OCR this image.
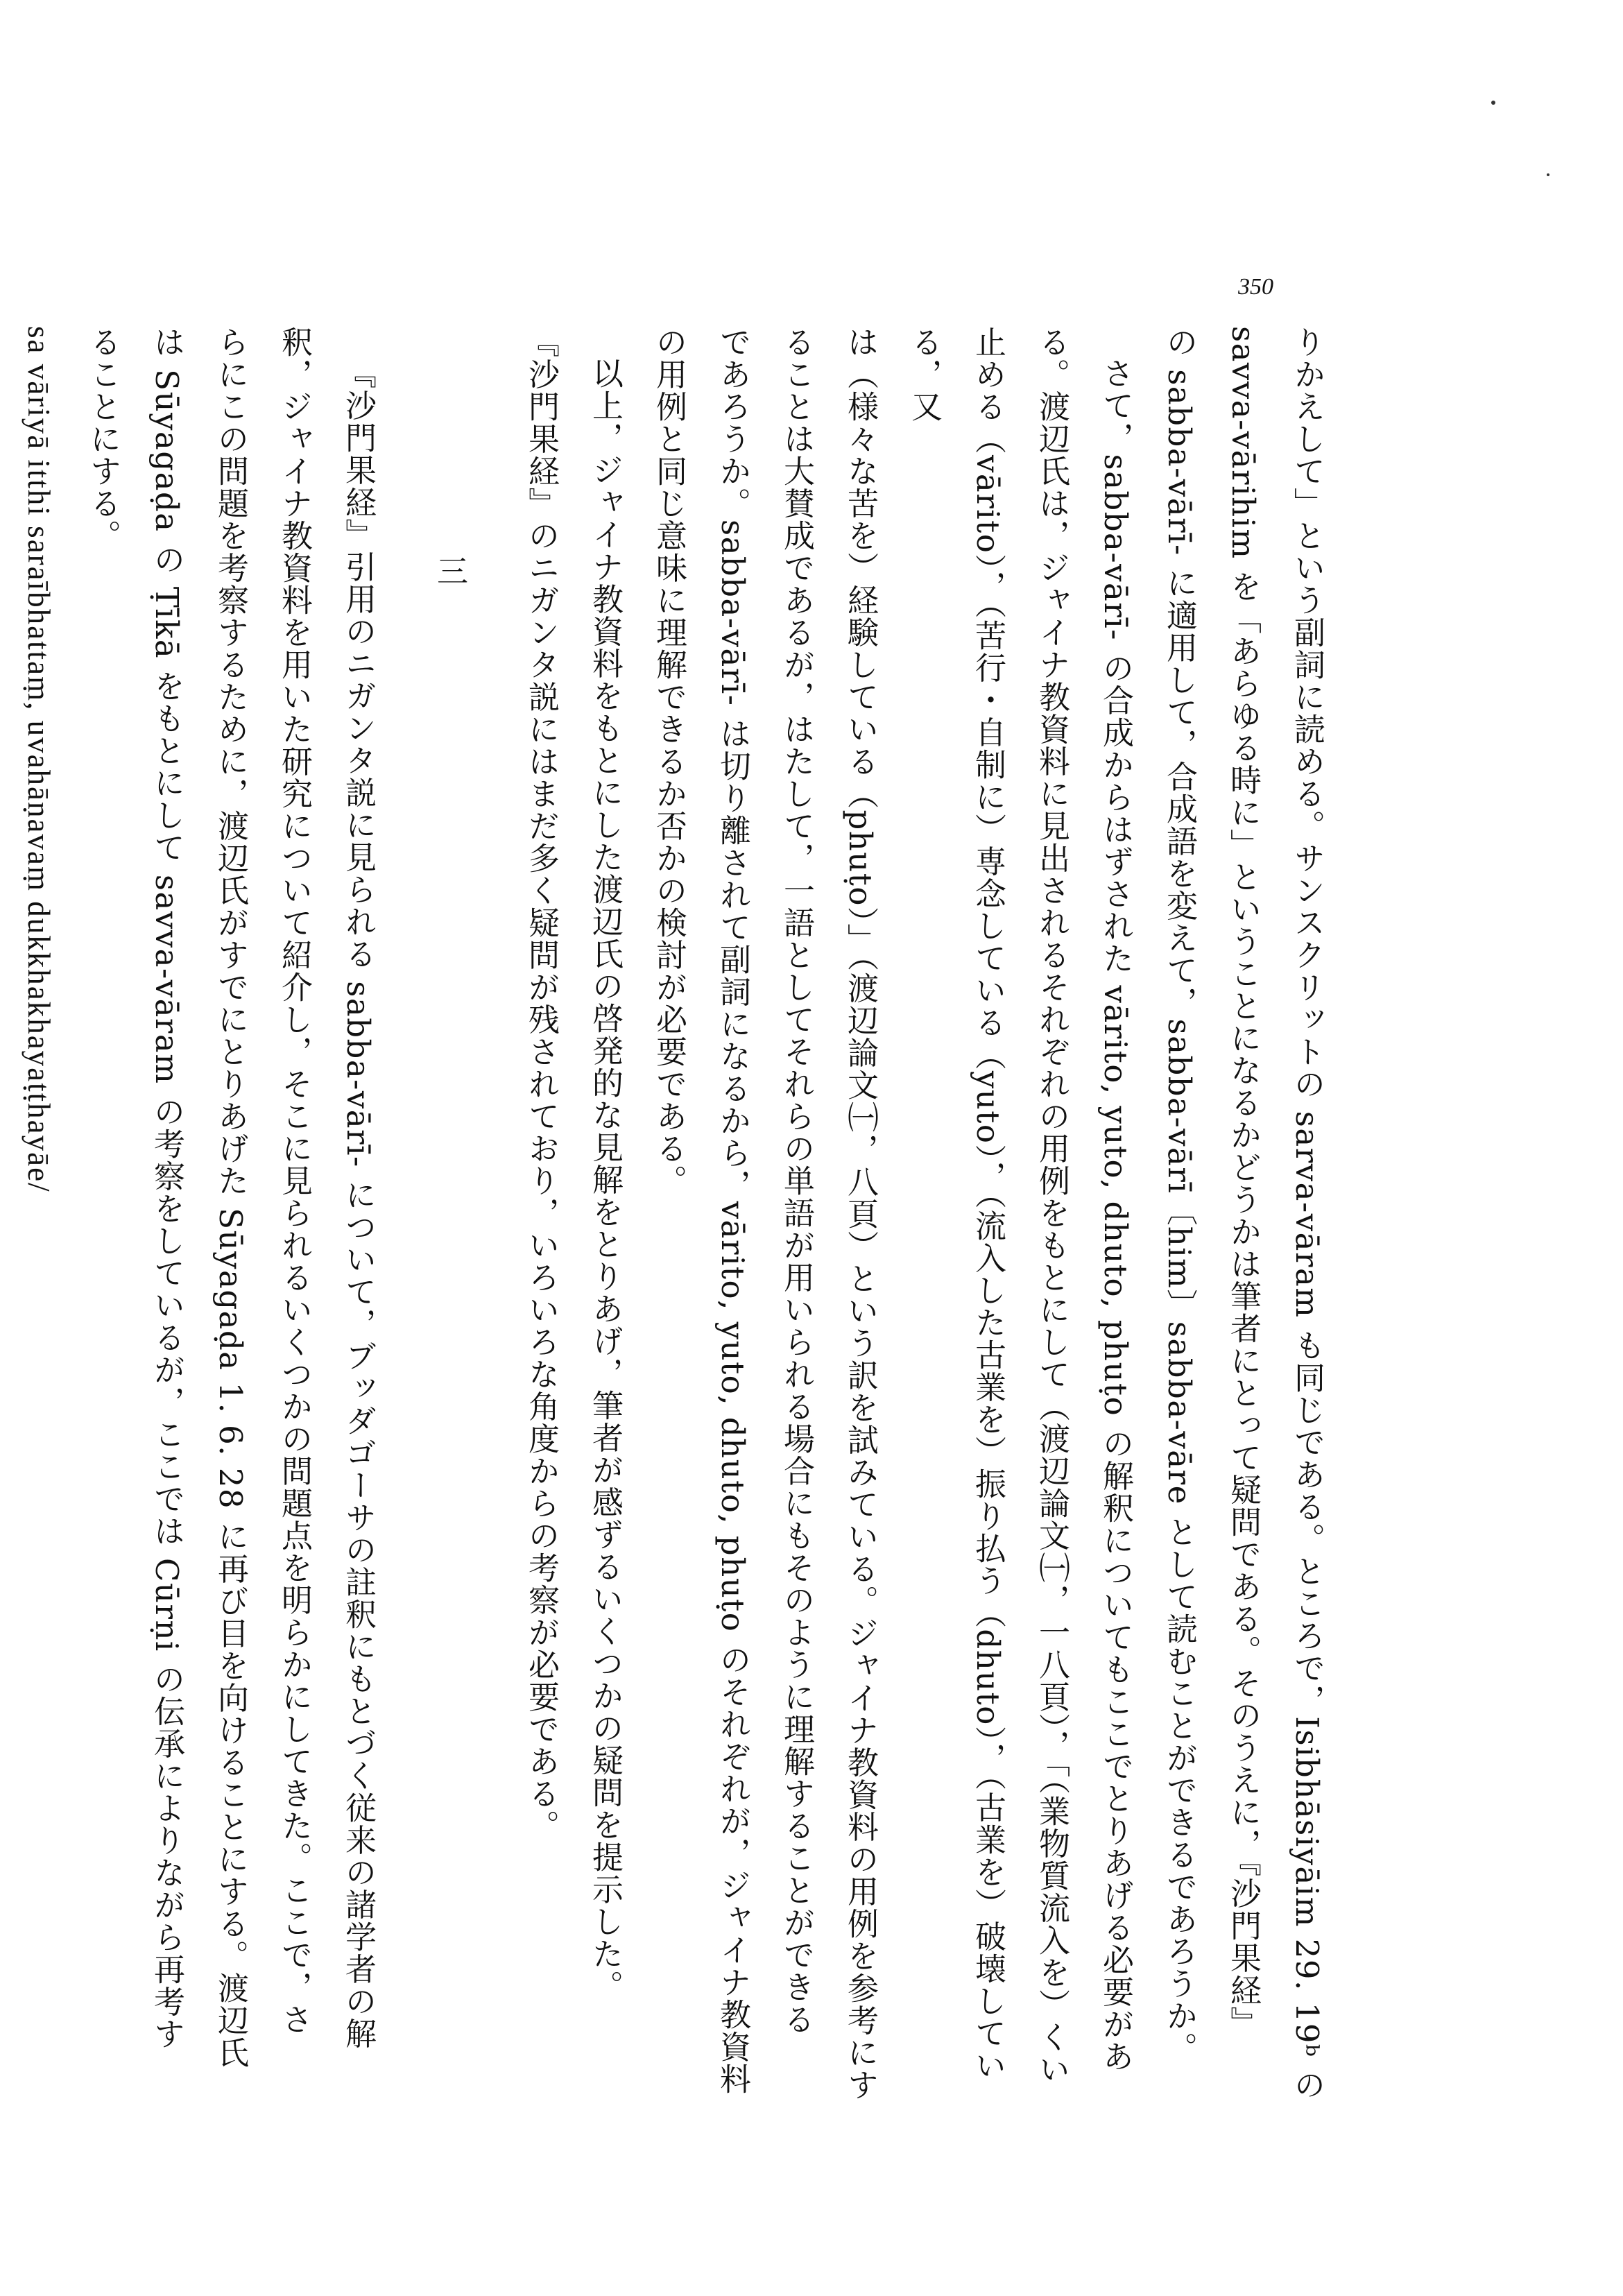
350
りかえして」という副詞に読める。サンスクリットの sarva-vāram も同じである。ところで，Isibhāsiyāim 29. 19ᵇ の
savva-vārihim を「あらゆる時に」ということになるかどうかは筆者にとって疑問である。そのうえに，『沙門果経』
の sabba-vārī- に適用して，合成語を変えて，sabba-vārī〔him〕sabba-vāre として読むことができるであろうか。
さて，sabba-vārī- の合成からはずされた vārito, yuto, dhuto, phuṭo の解釈についてもここでとりあげる必要があ
る。渡辺氏は，ジャイナ教資料に見出されるそれぞれの用例をもとにして（渡辺論文㈠，一八頁），「（業物質流入を）くい
止める（vārito），（苦行・自制に）専念している（yuto），（流入した古業を）振り払う（dhuto），（古業を）破壊している，又
は（様々な苦を）経験している（phuṭo）」（渡辺論文㈠，八頁）という訳を試みている。ジャイナ教資料の用例を参考にす
ることは大賛成であるが，はたして，一語としてそれらの単語が用いられる場合にもそのように理解することができる
であろうか。sabba-vārī- は切り離されて副詞になるから，vārito, yuto, dhuto, phuṭo のそれぞれが，ジャイナ教資料
の用例と同じ意味に理解できるか否かの検討が必要である。
以上，ジャイナ教資料をもとにした渡辺氏の啓発的な見解をとりあげ，筆者が感ずるいくつかの疑問を提示した。
『沙門果経』のニガンタ説にはまだ多く疑問が残されており，いろいろな角度からの考察が必要である。
三
『沙門果経』引用のニガンタ説に見られる sabba-vārī- について，ブッダゴーサの註釈にもとづく従来の諸学者の解
釈，ジャイナ教資料を用いた研究について紹介し，そこに見られるいくつかの問題点を明らかにしてきた。ここで，さ
らにこの問題を考察するために，渡辺氏がすでにとりあげた Sūyagaḍa 1. 6. 28 に再び目を向けることにする。渡辺氏
は Sūyagaḍa の Ṭīkā をもとにして savva-vāram の考察をしているが，ここでは Cūrṇi の伝承によりながら再考す
ることにする。
sa vāriyā itthi saraībhattaṃ, uvahāṇavaṃ dukkhakhayaṭṭhayāe/
